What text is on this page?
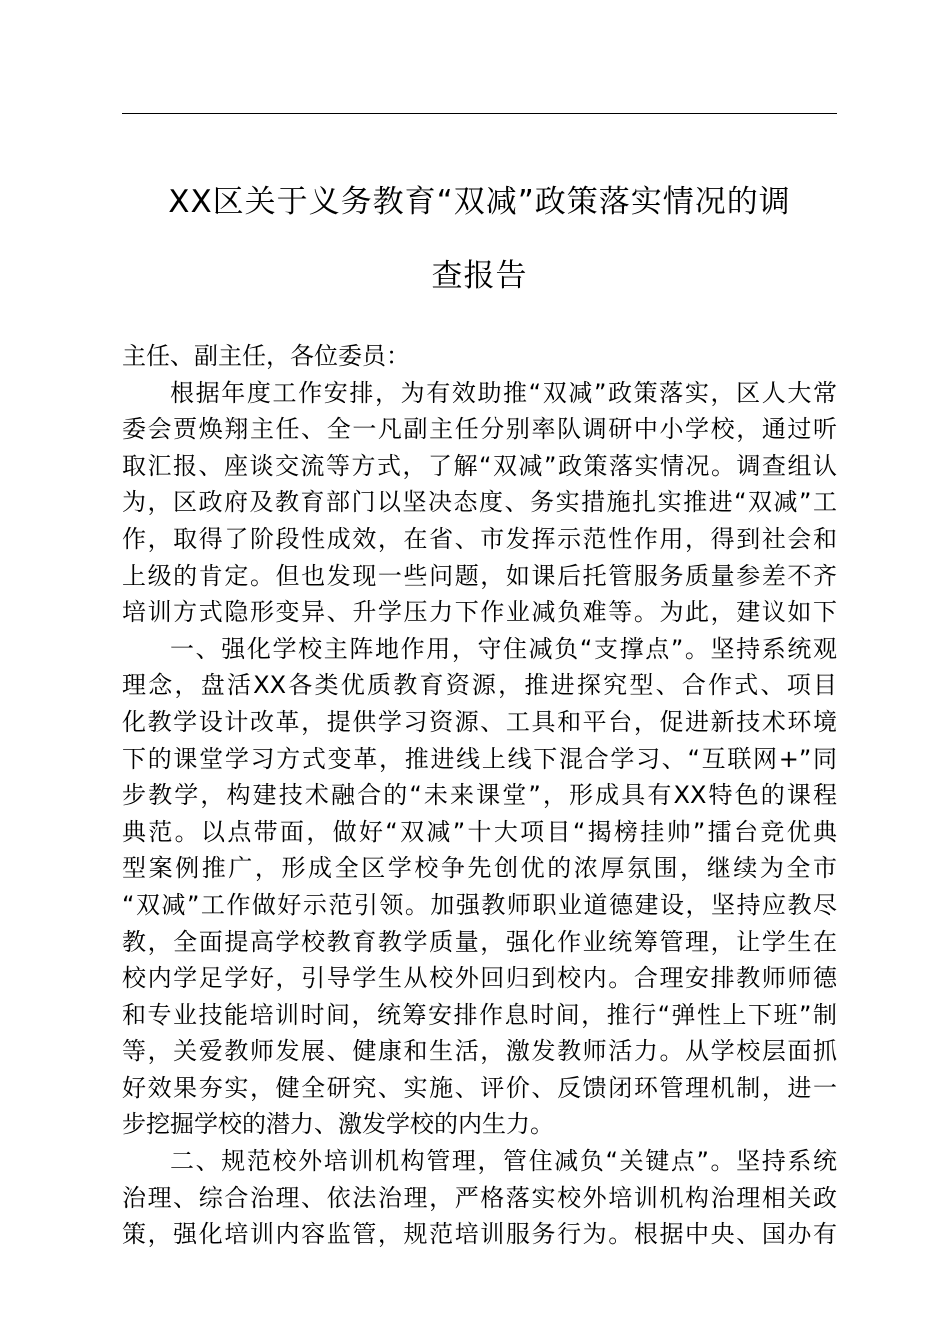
XX区关于义务教育“双减”政策落实情况的调
查报告
主任、副主任，各位委员：
根据年度工作安排，为有效助推“双减”政策落实，区人大常
委会贾焕翔主任、全一凡副主任分别率队调研中小学校，通过听
取汇报、座谈交流等方式，了解“双减”政策落实情况。调查组认
为，区政府及教育部门以坚决态度、务实措施扎实推进“双减”工
作，取得了阶段性成效，在省、市发挥示范性作用，得到社会和
上级的肯定。但也发现一些问题，如课后托管服务质量参差不齐
培训方式隐形变异、升学压力下作业减负难等。为此，建议如下
一、强化学校主阵地作用，守住减负“支撑点”。坚持系统观
理念，盘活XX各类优质教育资源，推进探究型、合作式、项目
化教学设计改革，提供学习资源、工具和平台，促进新技术环境
下的课堂学习方式变革，推进线上线下混合学习、“互联网+”同
步教学，构建技术融合的“未来课堂”，形成具有XX特色的课程
典范。以点带面，做好“双减”十大项目“揭榜挂帅”擂台竞优典
型案例推广，形成全区学校争先创优的浓厚氛围，继续为全市
“双减”工作做好示范引领。加强教师职业道德建设，坚持应教尽
教，全面提高学校教育教学质量，强化作业统筹管理，让学生在
校内学足学好，引导学生从校外回归到校内。合理安排教师师德
和专业技能培训时间，统筹安排作息时间，推行“弹性上下班”制
等，关爱教师发展、健康和生活，激发教师活力。从学校层面抓
好效果夯实，健全研究、实施、评价、反馈闭环管理机制，进一
步挖掘学校的潜力、激发学校的内生力。
二、规范校外培训机构管理，管住减负“关键点”。坚持系统
治理、综合治理、依法治理，严格落实校外培训机构治理相关政
策，强化培训内容监管，规范培训服务行为。根据中央、国办有
